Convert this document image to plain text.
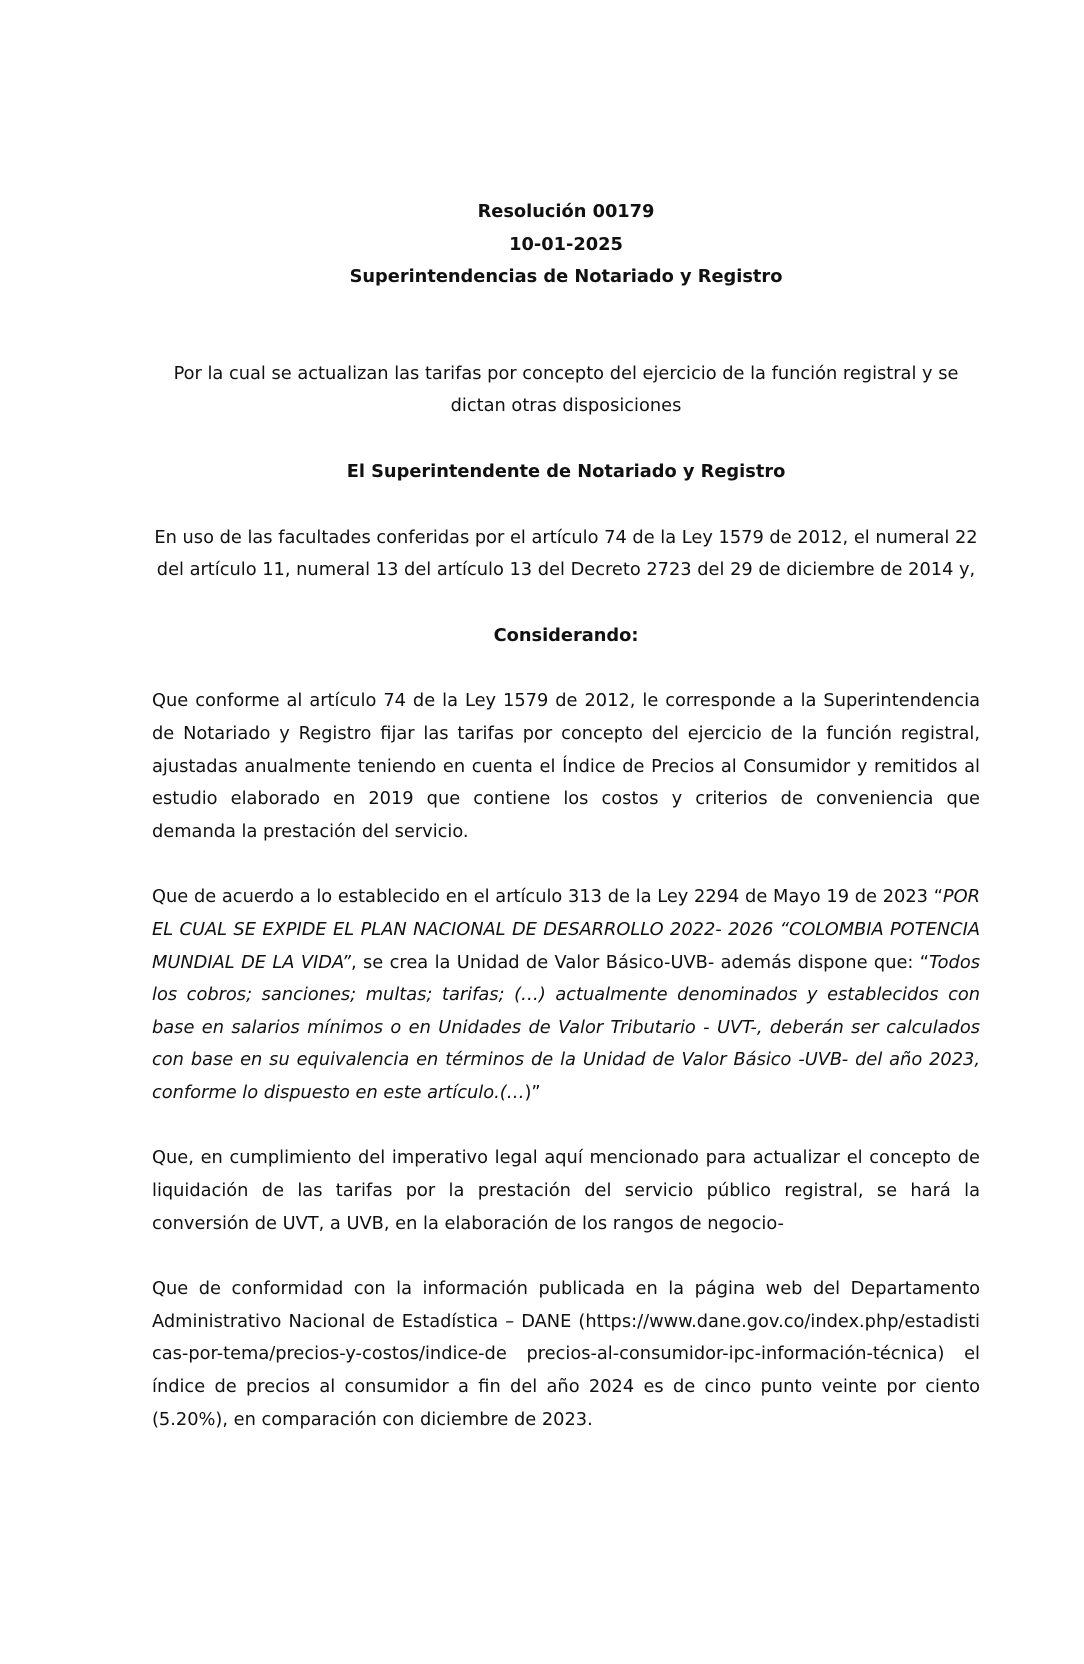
Resolución 00179
10-01-2025
Superintendencias de Notariado y Registro

Por la cual se actualizan las tarifas por concepto del ejercicio de la función registral y se dictan otras disposiciones

El Superintendente de Notariado y Registro

En uso de las facultades conferidas por el artículo 74 de la Ley 1579 de 2012, el numeral 22 del artículo 11, numeral 13 del artículo 13 del Decreto 2723 del 29 de diciembre de 2014 y,

Considerando:

Que conforme al artículo 74 de la Ley 1579 de 2012, le corresponde a la Superintendencia de Notariado y Registro fijar las tarifas por concepto del ejercicio de la función registral, ajustadas anualmente teniendo en cuenta el Índice de Precios al Consumidor y remitidos al estudio elaborado en 2019 que contiene los costos y criterios de conveniencia que demanda la prestación del servicio.

Que de acuerdo a lo establecido en el artículo 313 de la Ley 2294 de Mayo 19 de 2023 “POR EL CUAL SE EXPIDE EL PLAN NACIONAL DE DESARROLLO 2022- 2026 “COLOMBIA POTENCIA MUNDIAL DE LA VIDA”, se crea la Unidad de Valor Básico-UVB- además dispone que: “Todos los cobros; sanciones; multas; tarifas; (…) actualmente denominados y establecidos con base en salarios mínimos o en Unidades de Valor Tributario - UVT-, deberán ser calculados con base en su equivalencia en términos de la Unidad de Valor Básico -UVB- del año 2023, conforme lo dispuesto en este artículo.(…)”

Que, en cumplimiento del imperativo legal aquí mencionado para actualizar el concepto de liquidación de las tarifas por la prestación del servicio público registral, se hará la conversión de UVT, a UVB, en la elaboración de los rangos de negocio-

Que de conformidad con la información publicada en la página web del Departamento Administrativo Nacional de Estadística – DANE (https://www.dane.gov.co/index.php/estadisticas-por-tema/precios-y-costos/indice-de precios-al-consumidor-ipc-información-técnica) el índice de precios al consumidor a fin del año 2024 es de cinco punto veinte por ciento (5.20%), en comparación con diciembre de 2023.
